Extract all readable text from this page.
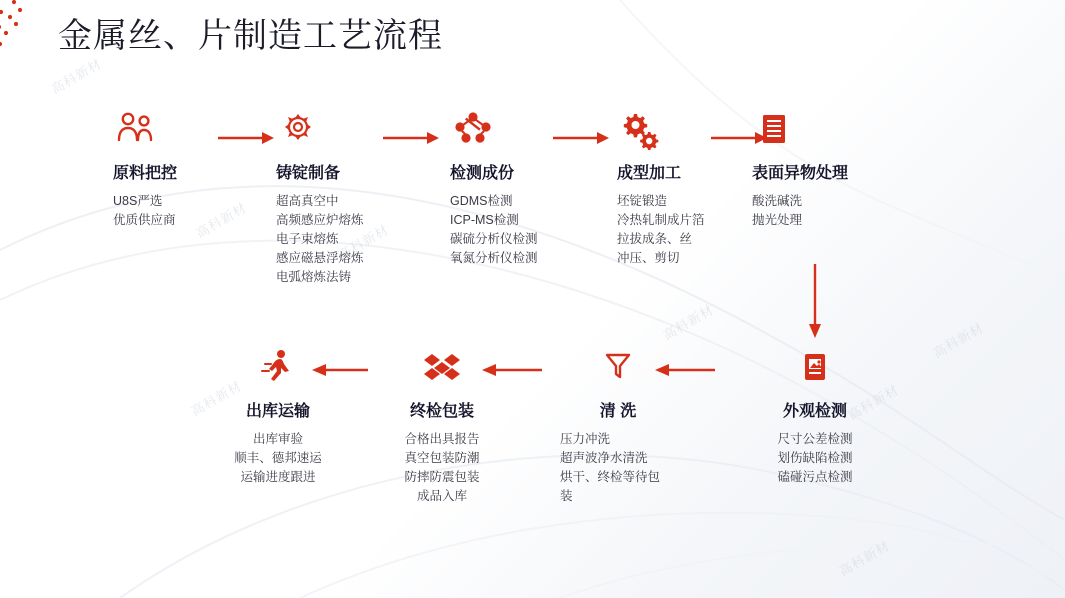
高科新材
高科新材
高科新材
高科新材	高科新材
高科新材	高科新材
高科新材
金属丝、片制造工艺流程
原料把控
U8S严选
优质供应商
铸锭制备
超高真空中
高频感应炉熔炼
电子束熔炼
感应磁悬浮熔炼
电弧熔炼法铸
检测成份
GDMS检测
ICP-MS检测
碳硫分析仪检测
氧氮分析仪检测
成型加工
坯锭锻造
冷热轧制成片箔
拉拔成条、丝
冲压、剪切
表面异物处理
酸洗碱洗
抛光处理
外观检测
尺寸公差检测
划伤缺陷检测
磕碰污点检测
清 洗
压力冲洗
超声波净水清洗
烘干、终检等待包
装
终检包装
合格出具报告
真空包装防潮
防摔防震包装
成品入库
出库运输
出库审验
顺丰、德邦速运
运输进度跟进
